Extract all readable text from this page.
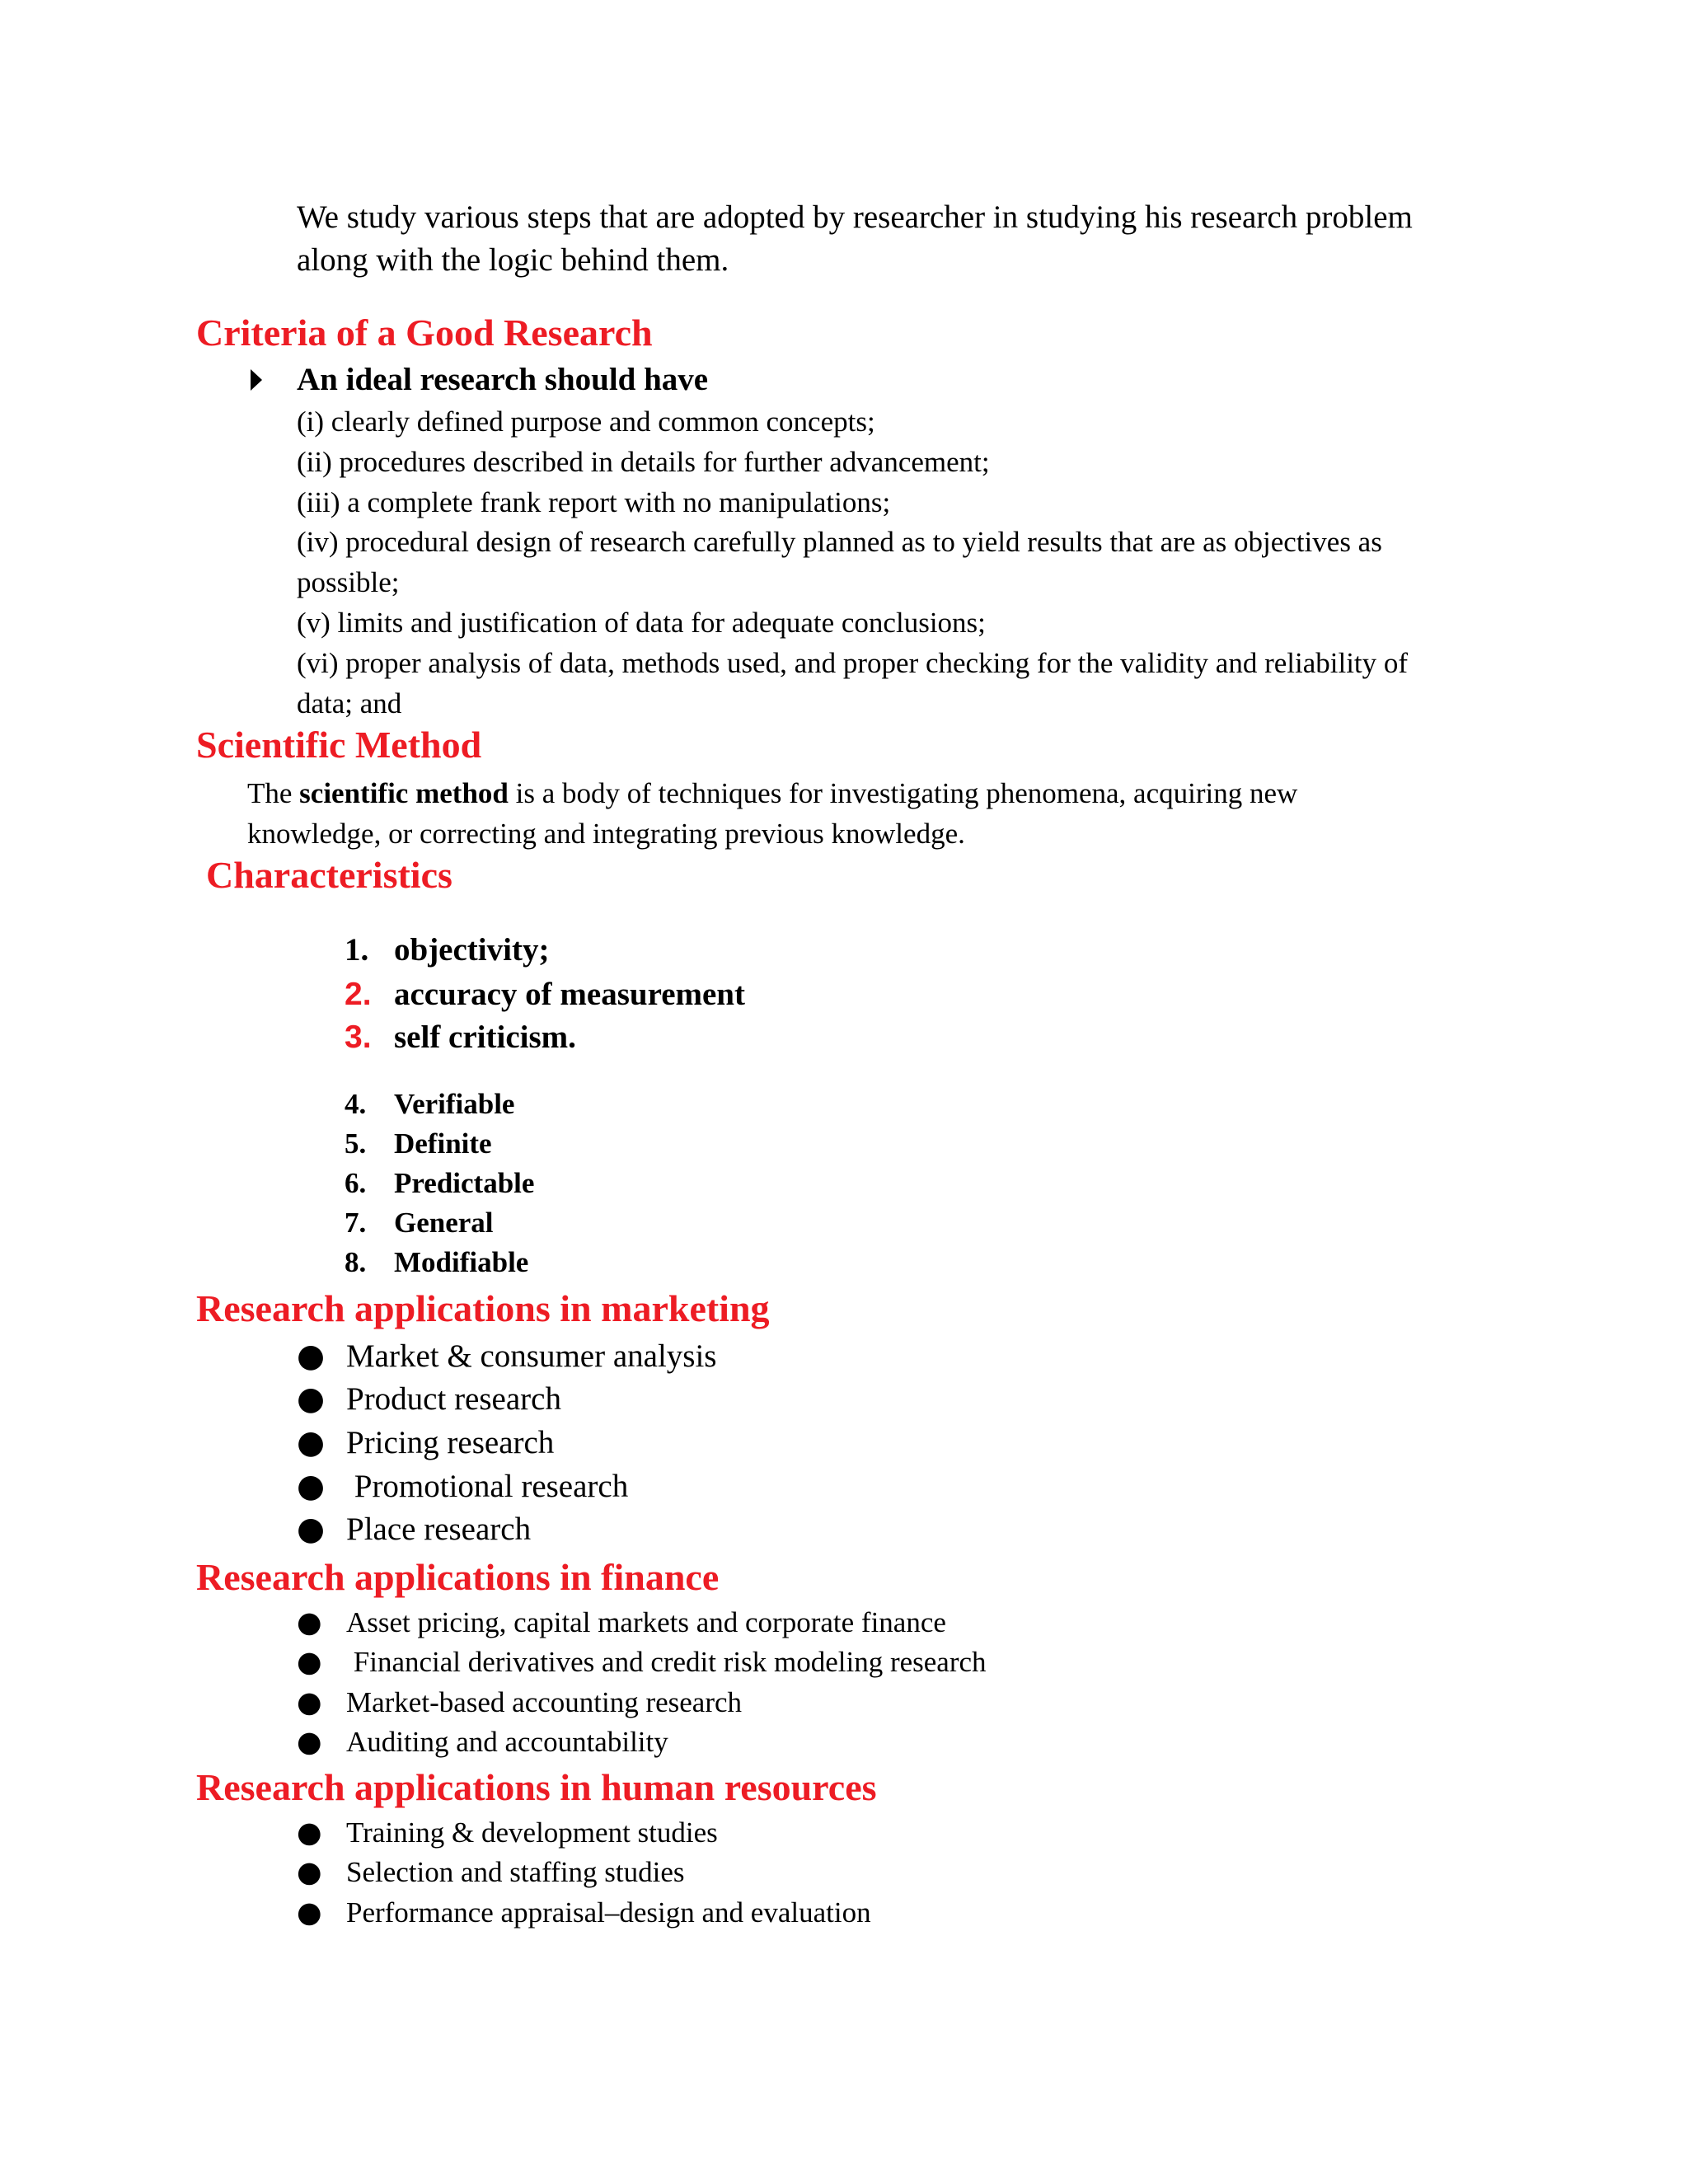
We study various steps that are adopted by researcher in studying his research problem
along with the logic behind them.
Criteria of a Good Research
An ideal research should have
(i) clearly defined purpose and common concepts;
(ii) procedures described in details for further advancement;
(iii) a complete frank report with no manipulations;
(iv) procedural design of research carefully planned as to yield results that are as objectives as
possible;
(v) limits and justification of data for adequate conclusions;
(vi) proper analysis of data, methods used, and proper checking for the validity and reliability of
data; and
Scientific Method
The scientific method is a body of techniques for investigating phenomena, acquiring new
knowledge, or correcting and integrating previous knowledge.
Characteristics
1. objectivity;
2. accuracy of measurement
3. self criticism.
4. Verifiable
5. Definite
6. Predictable
7. General
8. Modifiable
Research applications in marketing
● Market & consumer analysis
● Product research
● Pricing research
● Promotional research
● Place research
Research applications in finance
● Asset pricing, capital markets and corporate finance
● Financial derivatives and credit risk modeling research
● Market-based accounting research
● Auditing and accountability
Research applications in human resources
● Training & development studies
● Selection and staffing studies
● Performance appraisal–design and evaluation
